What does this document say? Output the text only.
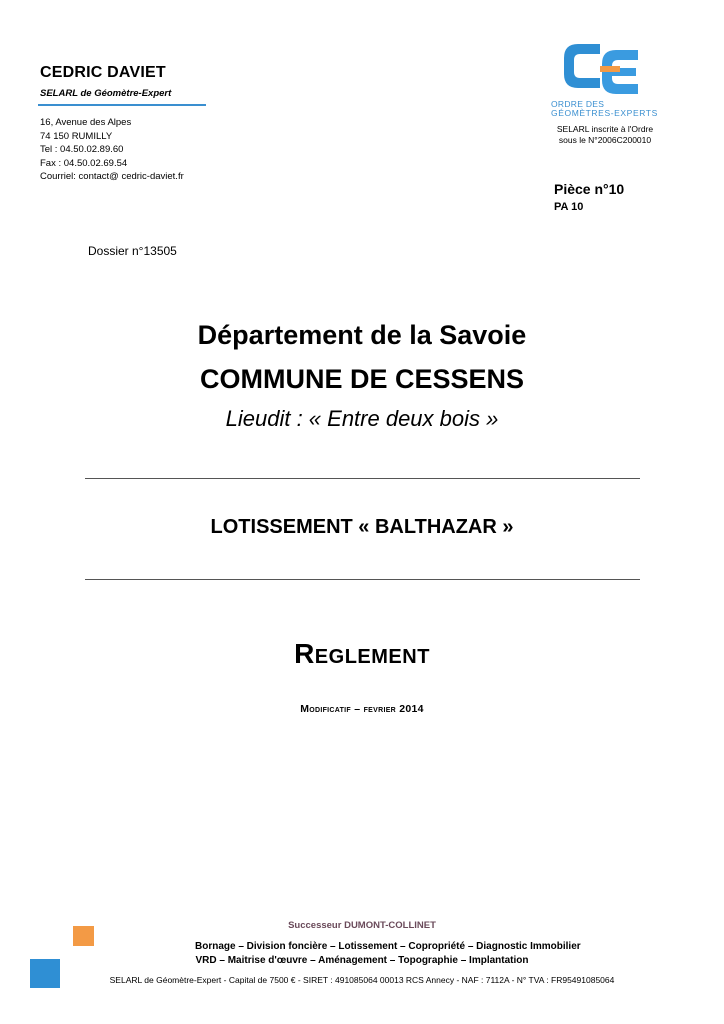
CEDRIC DAVIET
SELARL de Géomètre-Expert
16, Avenue des Alpes
74 150 RUMILLY
Tel : 04.50.02.89.60
Fax : 04.50.02.69.54
Courriel: contact@ cedric-daviet.fr
ORDRE DES
GÉOMÈTRES-EXPERTS
SELARL inscrite à l'Ordre
sous le N°2006C200010
Pièce n°10
PA 10
Dossier n°13505
Département de la Savoie
COMMUNE DE CESSENS
Lieudit : « Entre deux bois »
LOTISSEMENT « BALTHAZAR »
Reglement
Modificatif – fevrier 2014
Successeur DUMONT-COLLINET
Bornage – Division foncière – Lotissement – Copropriété – Diagnostic Immobilier
VRD – Maitrise d'œuvre – Aménagement – Topographie – Implantation
SELARL de Géomètre-Expert - Capital de 7500 € - SIRET : 491085064 00013 RCS Annecy - NAF : 7112A - N° TVA : FR95491085064
